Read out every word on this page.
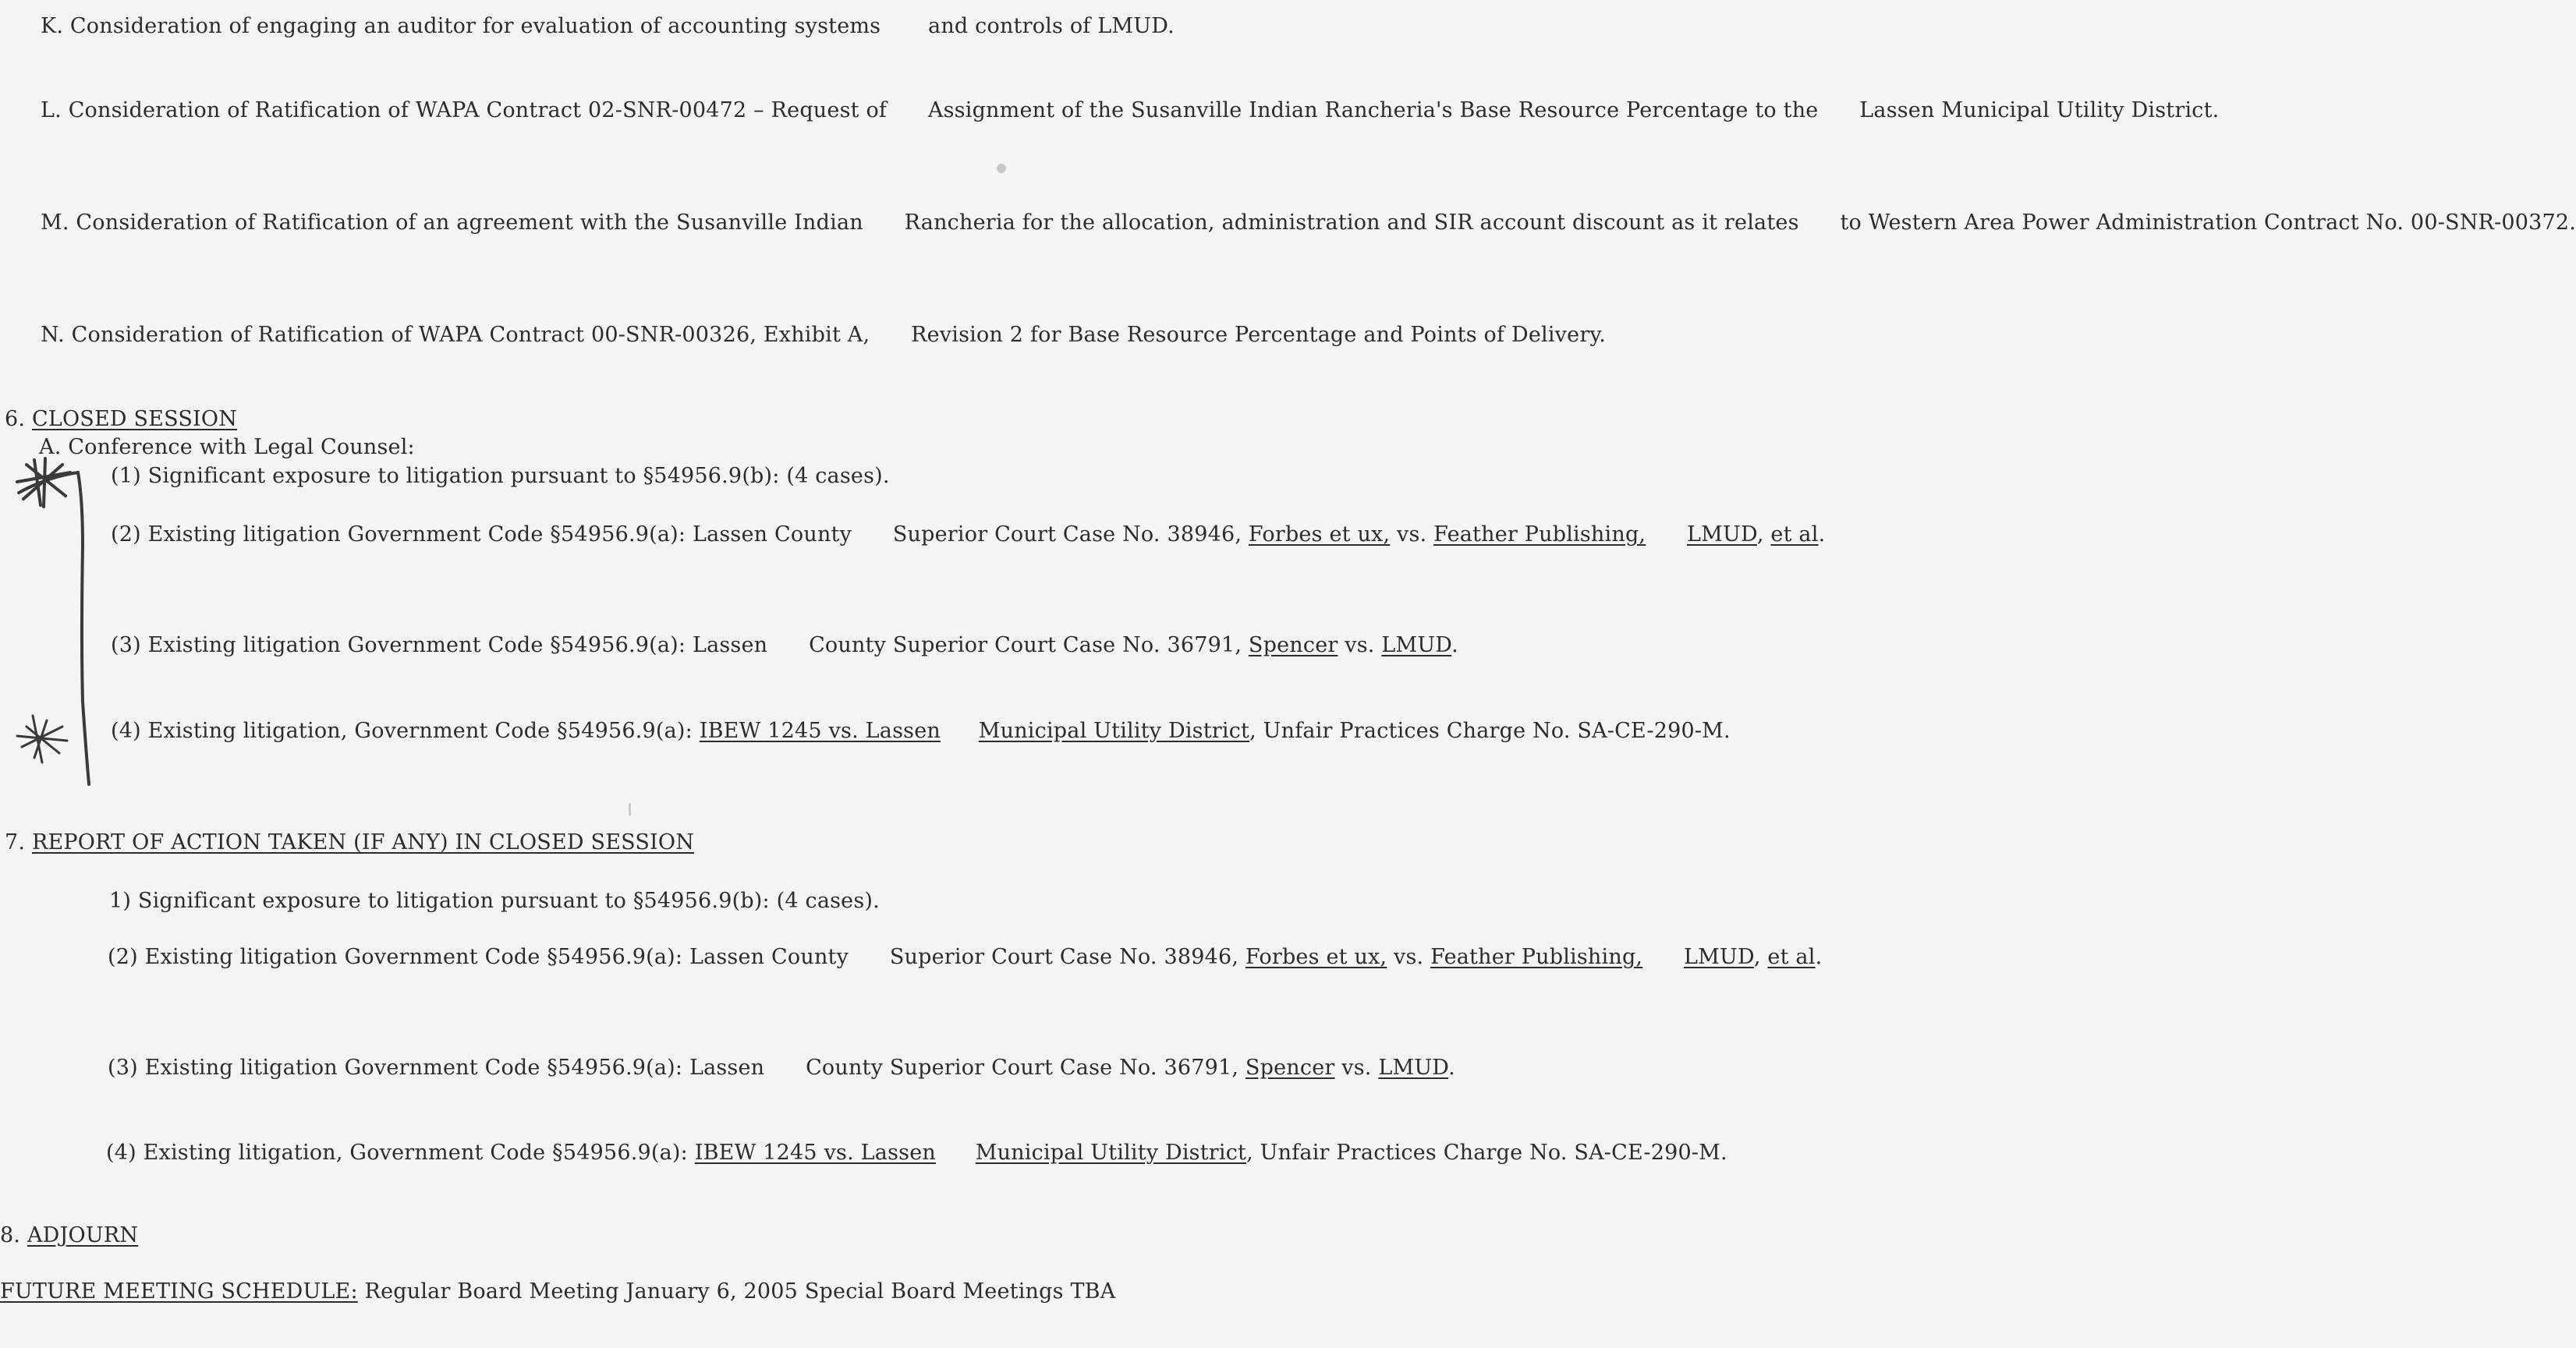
K. Consideration of engaging an auditor for evaluation of accounting systems and controls of LMUD.
L. Consideration of Ratification of WAPA Contract 02-SNR-00472 – Request of Assignment of the Susanville Indian Rancheria's Base Resource Percentage to the Lassen Municipal Utility District.
M. Consideration of Ratification of an agreement with the Susanville Indian Rancheria for the allocation, administration and SIR account discount as it relates to Western Area Power Administration Contract No. 00-SNR-00372.
N. Consideration of Ratification of WAPA Contract 00-SNR-00326, Exhibit A, Revision 2 for Base Resource Percentage and Points of Delivery.
6. CLOSED SESSION
A. Conference with Legal Counsel:
(1) Significant exposure to litigation pursuant to §54956.9(b): (4 cases).
(2) Existing litigation Government Code §54956.9(a): Lassen County Superior Court Case No. 38946, Forbes et ux, vs. Feather Publishing, LMUD, et al.
(3) Existing litigation Government Code §54956.9(a): Lassen County Superior Court Case No. 36791, Spencer vs. LMUD.
(4) Existing litigation, Government Code §54956.9(a): IBEW 1245 vs. Lassen Municipal Utility District, Unfair Practices Charge No. SA-CE-290-M.
7. REPORT OF ACTION TAKEN (IF ANY) IN CLOSED SESSION
1) Significant exposure to litigation pursuant to §54956.9(b): (4 cases).
(2) Existing litigation Government Code §54956.9(a): Lassen County Superior Court Case No. 38946, Forbes et ux, vs. Feather Publishing, LMUD, et al.
(3) Existing litigation Government Code §54956.9(a): Lassen County Superior Court Case No. 36791, Spencer vs. LMUD.
(4) Existing litigation, Government Code §54956.9(a): IBEW 1245 vs. Lassen Municipal Utility District, Unfair Practices Charge No. SA-CE-290-M.
8. ADJOURN
FUTURE MEETING SCHEDULE: Regular Board Meeting January 6, 2005 Special Board Meetings TBA
